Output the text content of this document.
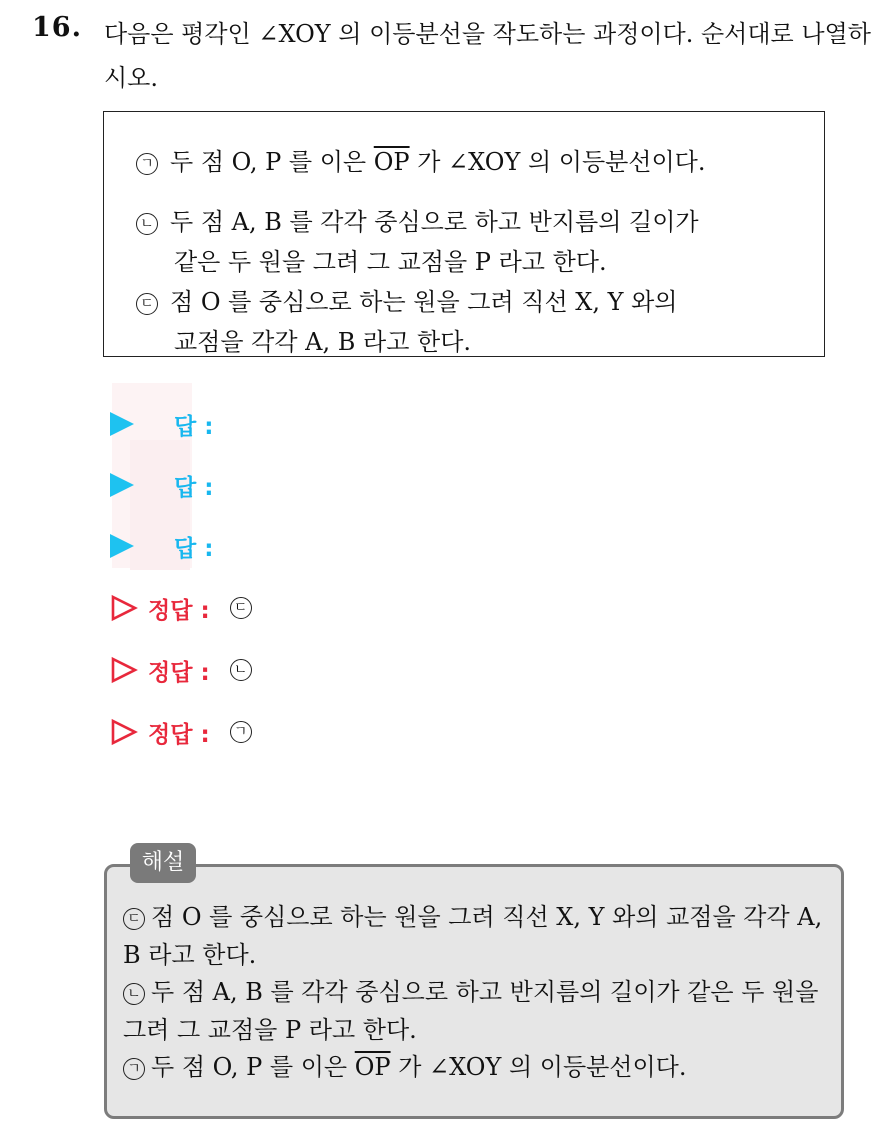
16. 다음은 평각인 ∠XOY 의 이등분선을 작도하는 과정이다. 순서대로 나열하시오.
ㄱ 두 점 O, P 를 이은 $\overline{OP}$ 가 ∠XOY 의 이등분선이다.
ㄴ 두 점 A, B 를 각각 중심으로 하고 반지름의 길이가
같은 두 원을 그려 그 교점을 P 라고 한다.
ㄷ 점 O 를 중심으로 하는 원을 그려 직선 X, Y 와의
교점을 각각 A, B 라고 한다.
답 :
답 :
답 :
정답 :	ㄷ
정답 :	ㄴ
정답 :	ㄱ
해설
ㄷ 점 O 를 중심으로 하는 원을 그려 직선 X, Y 와의 교점을 각각 A, B 라고 한다.
ㄴ 두 점 A, B 를 각각 중심으로 하고 반지름의 길이가 같은 두 원을 그려 그 교점을 P 라고 한다.
ㄱ 두 점 O, P 를 이은 $\overline{OP}$ 가 ∠XOY 의 이등분선이다.
